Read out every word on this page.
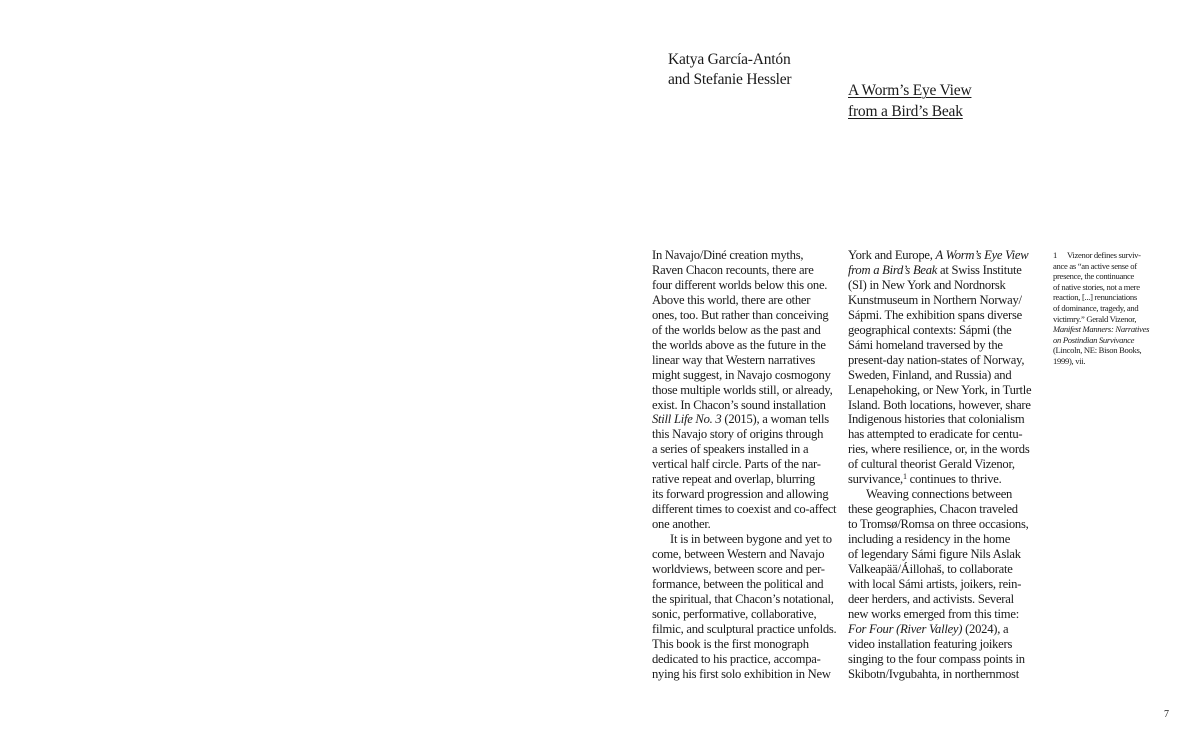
Katya García-Antón
and Stefanie Hessler
A Worm’s Eye View
from a Bird’s Beak
In Navajo/Diné creation myths,
Raven Chacon recounts, there are
four different worlds below this one.
Above this world, there are other
ones, too. But rather than conceiving
of the worlds below as the past and
the worlds above as the future in the
linear way that Western narratives
might suggest, in Navajo cosmogony
those multiple worlds still, or already,
exist. In Chacon’s sound installation
Still Life No. 3 (2015), a woman tells
this Navajo story of origins through
a series of speakers installed in a
vertical half circle. Parts of the nar-
rative repeat and overlap, blurring
its forward progression and allowing
different times to coexist and co-affect
one another.
It is in between bygone and yet to
come, between Western and Navajo
worldviews, between score and per-
formance, between the political and
the spiritual, that Chacon’s notational,
sonic, performative, collaborative,
filmic, and sculptural practice unfolds.
This book is the first monograph
dedicated to his practice, accompa-
nying his first solo exhibition in New
York and Europe, A Worm’s Eye View
from a Bird’s Beak at Swiss Institute
(SI) in New York and Nordnorsk
Kunstmuseum in Northern Norway/
Sápmi. The exhibition spans diverse
geographical contexts: Sápmi (the
Sámi homeland traversed by the
present-day nation-states of Norway,
Sweden, Finland, and Russia) and
Lenapehoking, or New York, in Turtle
Island. Both locations, however, share
Indigenous histories that colonialism
has attempted to eradicate for centu-
ries, where resilience, or, in the words
of cultural theorist Gerald Vizenor,
survivance,$^1$ continues to thrive.
Weaving connections between
these geographies, Chacon traveled
to Tromsø/Romsa on three occasions,
including a residency in the home
of legendary Sámi figure Nils Aslak
Valkeapää/Áillohaš, to collaborate
with local Sámi artists, joikers, rein-
deer herders, and activists. Several
new works emerged from this time:
For Four (River Valley) (2024), a
video installation featuring joikers
singing to the four compass points in
Skibotn/Ivgubahta, in northernmost
1 Vizenor defines surviv-
ance as “an active sense of
presence, the continuance
of native stories, not a mere
reaction, [...] renunciations
of dominance, tragedy, and
victimry.” Gerald Vizenor,
Manifest Manners: Narratives
on Postindian Survivance
(Lincoln, NE: Bison Books,
1999), vii.
7
